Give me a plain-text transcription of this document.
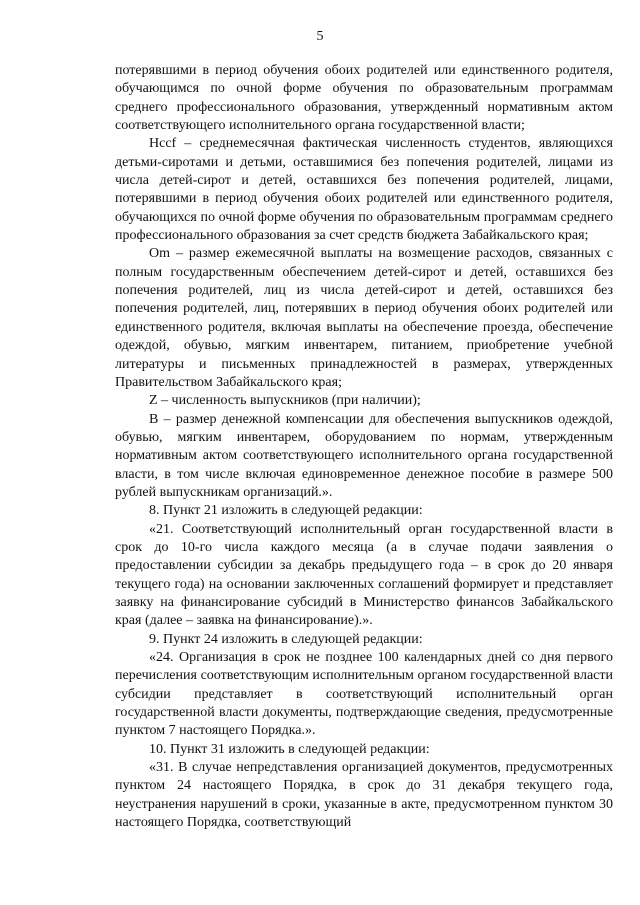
5

потерявшими в период обучения обоих родителей или единственного родителя, обучающимся по очной форме обучения по образовательным программам среднего профессионального образования, утвержденный нормативным актом соответствующего исполнительного органа государственной власти;

Нccf – среднемесячная фактическая численность студентов, являющихся детьми-сиротами и детьми, оставшимися без попечения родителей, лицами из числа детей-сирот и детей, оставшихся без попечения родителей, лицами, потерявшими в период обучения обоих родителей или единственного родителя, обучающихся по очной форме обучения по образовательным программам среднего профессионального образования за счет средств бюджета Забайкальского края;

Оm – размер ежемесячной выплаты на возмещение расходов, связанных с полным государственным обеспечением детей-сирот и детей, оставшихся без попечения родителей, лиц из числа детей-сирот и детей, оставшихся без попечения родителей, лиц, потерявших в период обучения обоих родителей или единственного родителя, включая выплаты на обеспечение проезда, обеспечение одеждой, обувью, мягким инвентарем, питанием, приобретение учебной литературы и письменных принадлежностей в размерах, утвержденных Правительством Забайкальского края;

Z – численность выпускников (при наличии);

В – размер денежной компенсации для обеспечения выпускников одеждой, обувью, мягким инвентарем, оборудованием по нормам, утвержденным нормативным актом соответствующего исполнительного органа государственной власти, в том числе включая единовременное денежное пособие в размере 500 рублей выпускникам организаций.».

8. Пункт 21 изложить в следующей редакции:

«21. Соответствующий исполнительный орган государственной власти в срок до 10-го числа каждого месяца (а в случае подачи заявления о предоставлении субсидии за декабрь предыдущего года – в срок до 20 января текущего года) на основании заключенных соглашений формирует и представляет заявку на финансирование субсидий в Министерство финансов Забайкальского края (далее – заявка на финансирование).».

9. Пункт 24 изложить в следующей редакции:

«24. Организация в срок не позднее 100 календарных дней со дня первого перечисления соответствующим исполнительным органом государственной власти субсидии представляет в соответствующий исполнительный орган государственной власти документы, подтверждающие сведения, предусмотренные пунктом 7 настоящего Порядка.».

10. Пункт 31 изложить в следующей редакции:

«31. В случае непредставления организацией документов, предусмотренных пунктом 24 настоящего Порядка, в срок до 31 декабря текущего года, неустранения нарушений в сроки, указанные в акте, предусмотренном пунктом 30 настоящего Порядка, соответствующий
